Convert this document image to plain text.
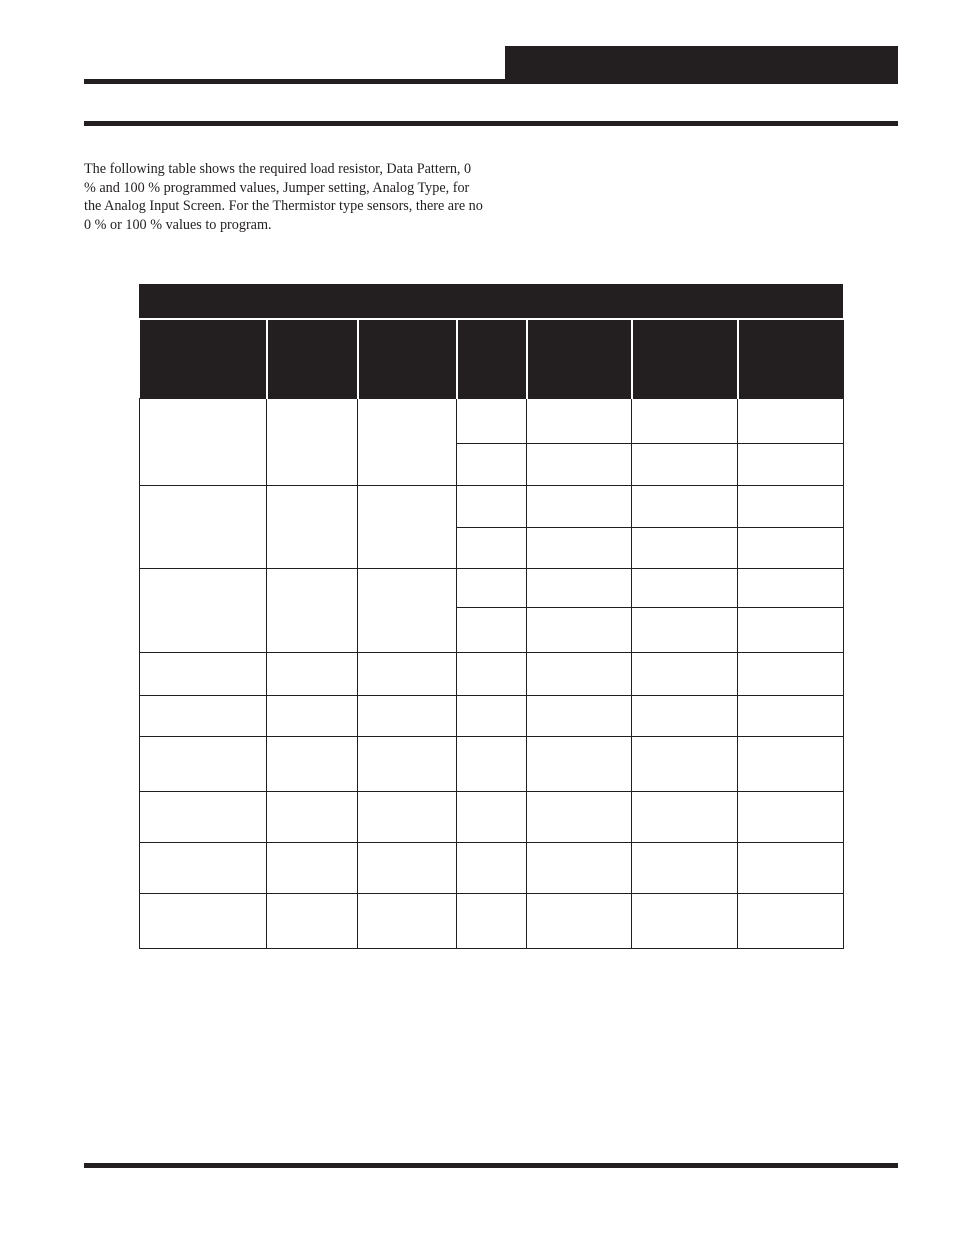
The following table shows the required load resistor, Data Pattern, 0 % and 100 % programmed values, Jumper setting, Analog Type, for the Analog Input Screen. For the Thermistor type sensors, there are no 0 % or 100 % values to program.
